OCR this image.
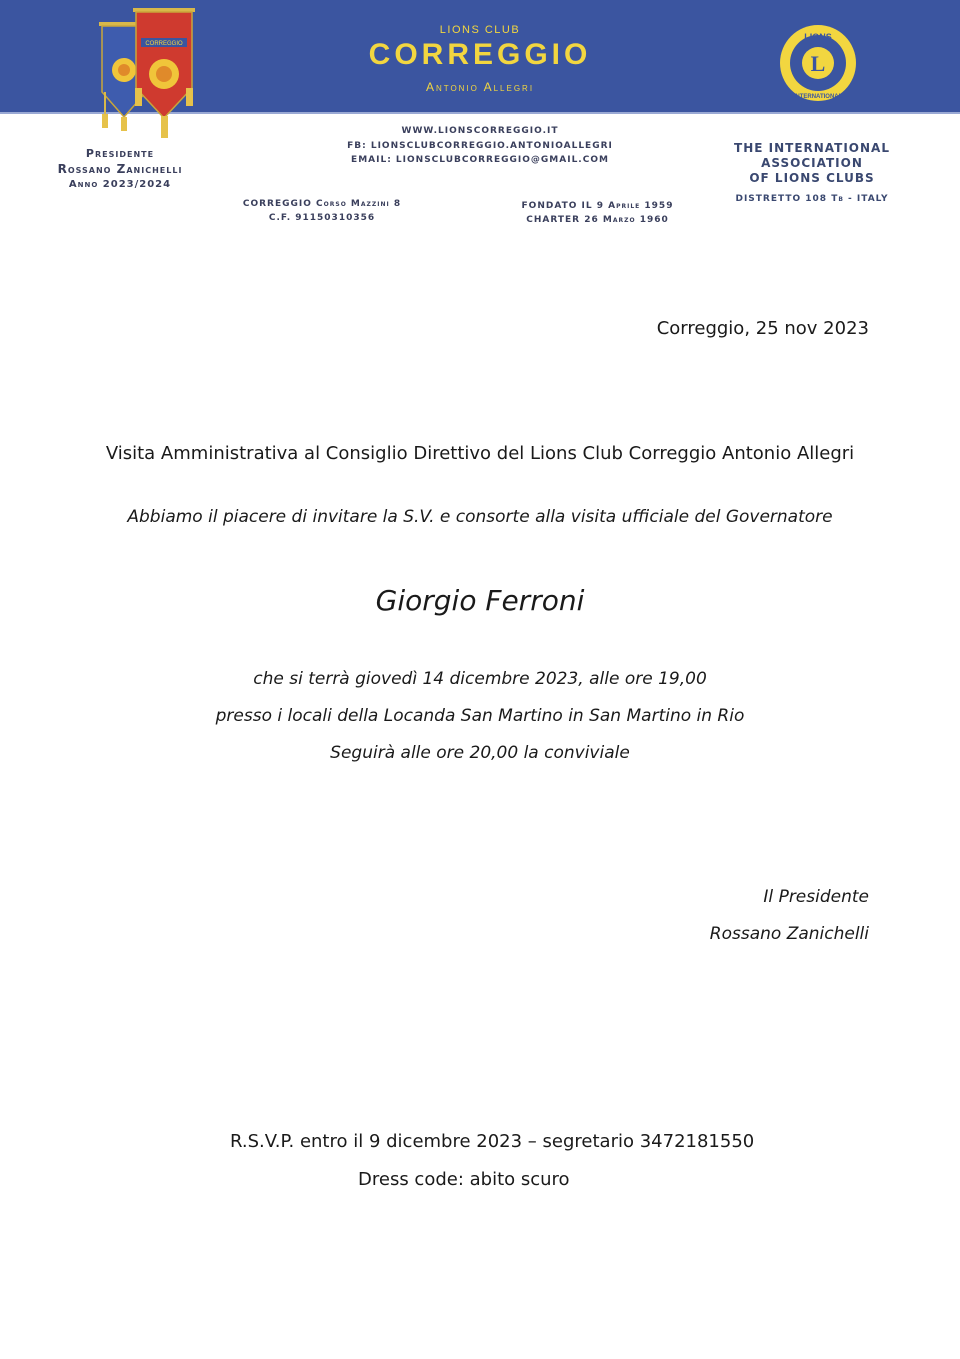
LIONS CLUB
CORREGGIO
Antonio Allegri
CORREGGIO
L
LIONS
INTERNATIONAL
Presidente
Rossano Zanichelli
Anno 2023/2024
WWW.LIONSCORREGGIO.IT
FB: LIONSCLUBCORREGGIO.ANTONIOALLEGRI
EMAIL: LIONSCLUBCORREGGIO@GMAIL.COM
CORREGGIO Corso Mazzini 8
C.F. 91150310356
FONDATO IL 9 Aprile 1959
CHARTER 26 Marzo 1960
THE INTERNATIONAL
ASSOCIATION
OF LIONS CLUBS
DISTRETTO 108 Tb - ITALY
Correggio, 25 nov 2023
Visita Amministrativa al Consiglio Direttivo del Lions Club Correggio Antonio Allegri
Abbiamo il piacere di invitare la S.V. e consorte alla visita ufficiale del Governatore
Giorgio Ferroni
che si terrà giovedì 14 dicembre 2023, alle ore 19,00
presso i locali della Locanda San Martino in San Martino in Rio
Seguirà alle ore 20,00 la conviviale
Il Presidente
Rossano Zanichelli
R.S.V.P. entro il 9 dicembre 2023 – segretario 3472181550
Dress code: abito scuro
